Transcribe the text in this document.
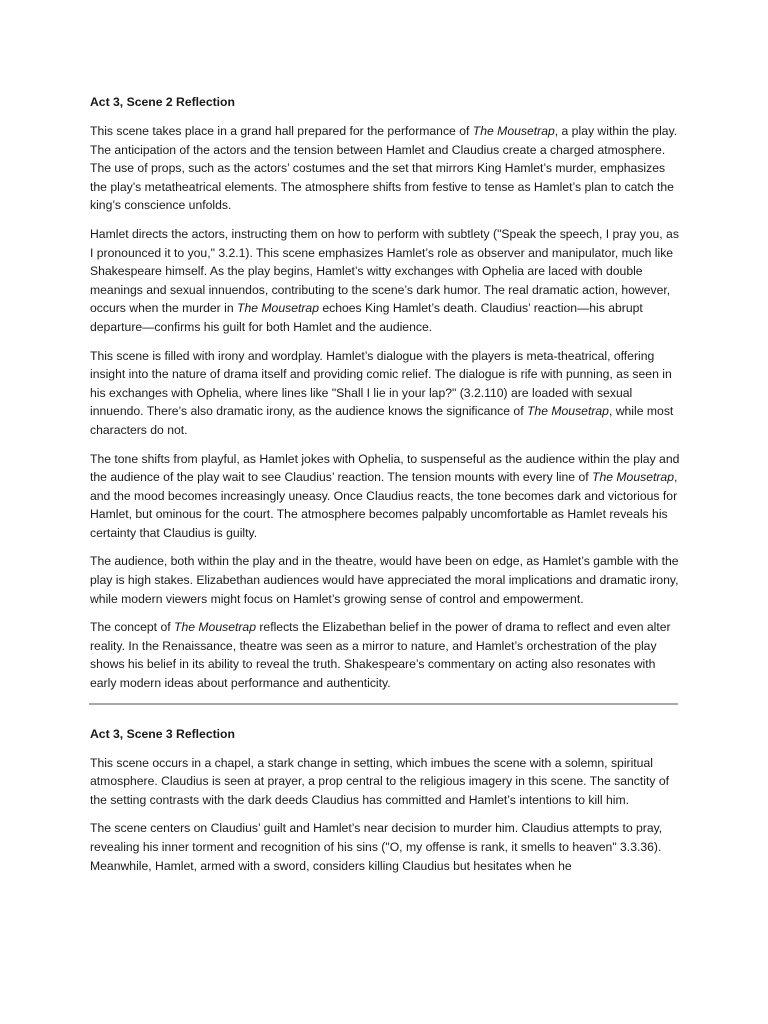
Act 3, Scene 2 Reflection

This scene takes place in a grand hall prepared for the performance of The Mousetrap, a play within the play. The anticipation of the actors and the tension between Hamlet and Claudius create a charged atmosphere. The use of props, such as the actors’ costumes and the set that mirrors King Hamlet’s murder, emphasizes the play’s metatheatrical elements. The atmosphere shifts from festive to tense as Hamlet’s plan to catch the king’s conscience unfolds.

Hamlet directs the actors, instructing them on how to perform with subtlety ("Speak the speech, I pray you, as I pronounced it to you," 3.2.1). This scene emphasizes Hamlet’s role as observer and manipulator, much like Shakespeare himself. As the play begins, Hamlet’s witty exchanges with Ophelia are laced with double meanings and sexual innuendos, contributing to the scene’s dark humor. The real dramatic action, however, occurs when the murder in The Mousetrap echoes King Hamlet’s death. Claudius’ reaction—his abrupt departure—confirms his guilt for both Hamlet and the audience.

This scene is filled with irony and wordplay. Hamlet’s dialogue with the players is meta-theatrical, offering insight into the nature of drama itself and providing comic relief. The dialogue is rife with punning, as seen in his exchanges with Ophelia, where lines like "Shall I lie in your lap?" (3.2.110) are loaded with sexual innuendo. There’s also dramatic irony, as the audience knows the significance of The Mousetrap, while most characters do not.

The tone shifts from playful, as Hamlet jokes with Ophelia, to suspenseful as the audience within the play and the audience of the play wait to see Claudius’ reaction. The tension mounts with every line of The Mousetrap, and the mood becomes increasingly uneasy. Once Claudius reacts, the tone becomes dark and victorious for Hamlet, but ominous for the court. The atmosphere becomes palpably uncomfortable as Hamlet reveals his certainty that Claudius is guilty.

The audience, both within the play and in the theatre, would have been on edge, as Hamlet’s gamble with the play is high stakes. Elizabethan audiences would have appreciated the moral implications and dramatic irony, while modern viewers might focus on Hamlet’s growing sense of control and empowerment.

The concept of The Mousetrap reflects the Elizabethan belief in the power of drama to reflect and even alter reality. In the Renaissance, theatre was seen as a mirror to nature, and Hamlet’s orchestration of the play shows his belief in its ability to reveal the truth. Shakespeare’s commentary on acting also resonates with early modern ideas about performance and authenticity.

Act 3, Scene 3 Reflection

This scene occurs in a chapel, a stark change in setting, which imbues the scene with a solemn, spiritual atmosphere. Claudius is seen at prayer, a prop central to the religious imagery in this scene. The sanctity of the setting contrasts with the dark deeds Claudius has committed and Hamlet’s intentions to kill him.

The scene centers on Claudius’ guilt and Hamlet’s near decision to murder him. Claudius attempts to pray, revealing his inner torment and recognition of his sins ("O, my offense is rank, it smells to heaven" 3.3.36). Meanwhile, Hamlet, armed with a sword, considers killing Claudius but hesitates when he
